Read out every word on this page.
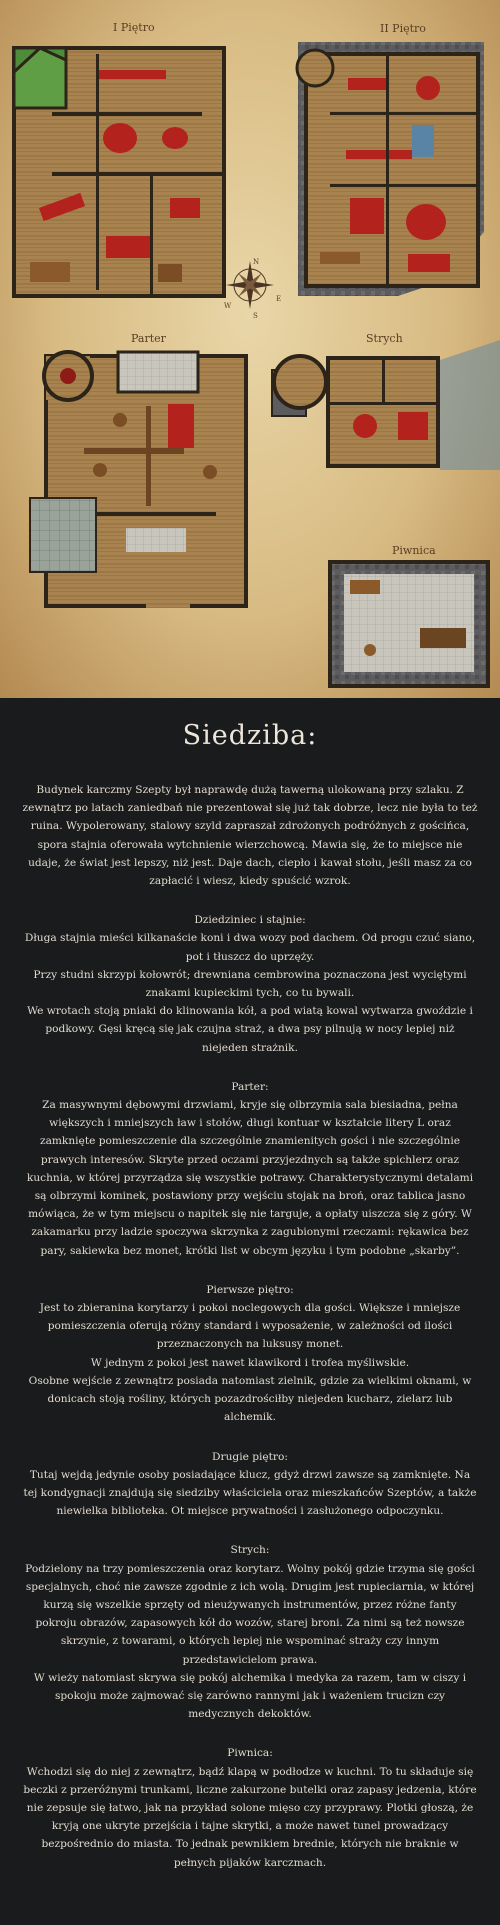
I Piętro	II Piętro
Parter	Strych
Piwnica
N
E
S
W
Siedziba:

Budynek karczmy Szepty był naprawdę dużą tawerną ulokowaną przy szlaku. Z zewnątrz po latach zaniedbań nie prezentował się już tak dobrze, lecz nie była to też ruina. Wypolerowany, stalowy szyld zapraszał zdrożonych podróżnych z gościńca, spora stajnia oferowała wytchnienie wierzchowcą. Mawia się, że to miejsce nie udaje, że świat jest lepszy, niż jest. Daje dach, ciepło i kawał stołu, jeśli masz za co zapłacić i wiesz, kiedy spuścić wzrok.

Dziedziniec i stajnie:

Długa stajnia mieści kilkanaście koni i dwa wozy pod dachem. Od progu czuć siano, pot i tłuszcz do uprzęży.

Przy studni skrzypi kołowrót; drewniana cembrowina poznaczona jest wyciętymi znakami kupieckimi tych, co tu bywali.

We wrotach stoją pniaki do klinowania kół, a pod wiatą kowal wytwarza gwoździe i podkowy. Gęsi kręcą się jak czujna straż, a dwa psy pilnują w nocy lepiej niż niejeden strażnik.

Parter:

Za masywnymi dębowymi drzwiami, kryje się olbrzymia sala biesiadna, pełna większych i mniejszych ław i stołów, długi kontuar w kształcie litery L oraz zamknięte pomieszczenie dla szczególnie znamienitych gości i nie szczególnie prawych interesów. Skryte przed oczami przyjezdnych są także spichlerz oraz kuchnia, w której przyrządza się wszystkie potrawy. Charakterystycznymi detalami są olbrzymi kominek, postawiony przy wejściu stojak na broń, oraz tablica jasno mówiąca, że w tym miejscu o napitek się nie targuje, a opłaty uiszcza się z góry. W zakamarku przy ladzie spoczywa skrzynka z zagubionymi rzeczami: rękawica bez pary, sakiewka bez monet, krótki list w obcym języku i tym podobne „skarby”.

Pierwsze piętro:

Jest to zbieranina korytarzy i pokoi noclegowych dla gości. Większe i mniejsze pomieszczenia oferują różny standard i wyposażenie, w zależności od ilości przeznaczonych na luksusy monet.

W jednym z pokoi jest nawet klawikord i trofea myśliwskie.

Osobne wejście z zewnątrz posiada natomiast zielnik, gdzie za wielkimi oknami, w donicach stoją rośliny, których pozazdrościłby niejeden kucharz, zielarz lub alchemik.

Drugie piętro:

Tutaj wejdą jedynie osoby posiadające klucz, gdyż drzwi zawsze są zamknięte. Na tej kondygnacji znajdują się siedziby właściciela oraz mieszkańców Szeptów, a także niewielka biblioteka. Ot miejsce prywatności i zasłużonego odpoczynku.

Strych:

Podzielony na trzy pomieszczenia oraz korytarz. Wolny pokój gdzie trzyma się gości specjalnych, choć nie zawsze zgodnie z ich wolą. Drugim jest rupieciarnia, w której kurzą się wszelkie sprzęty od nieużywanych instrumentów, przez różne fanty pokroju obrazów, zapasowych kół do wozów, starej broni. Za nimi są też nowsze skrzynie, z towarami, o których lepiej nie wspominać straży czy innym przedstawicielom prawa.

W wieży natomiast skrywa się pokój alchemika i medyka za razem, tam w ciszy i spokoju może zajmować się zarówno rannymi jak i ważeniem trucizn czy medycznych dekoktów.

Piwnica:

Wchodzi się do niej z zewnątrz, bądź klapą w podłodze w kuchni. To tu składuje się beczki z przeróżnymi trunkami, liczne zakurzone butelki oraz zapasy jedzenia, które nie zepsuje się łatwo, jak na przykład solone mięso czy przyprawy. Plotki głoszą, że kryją one ukryte przejścia i tajne skrytki, a może nawet tunel prowadzący bezpośrednio do miasta. To jednak pewnikiem brednie, których nie braknie w pełnych pijaków karczmach.
